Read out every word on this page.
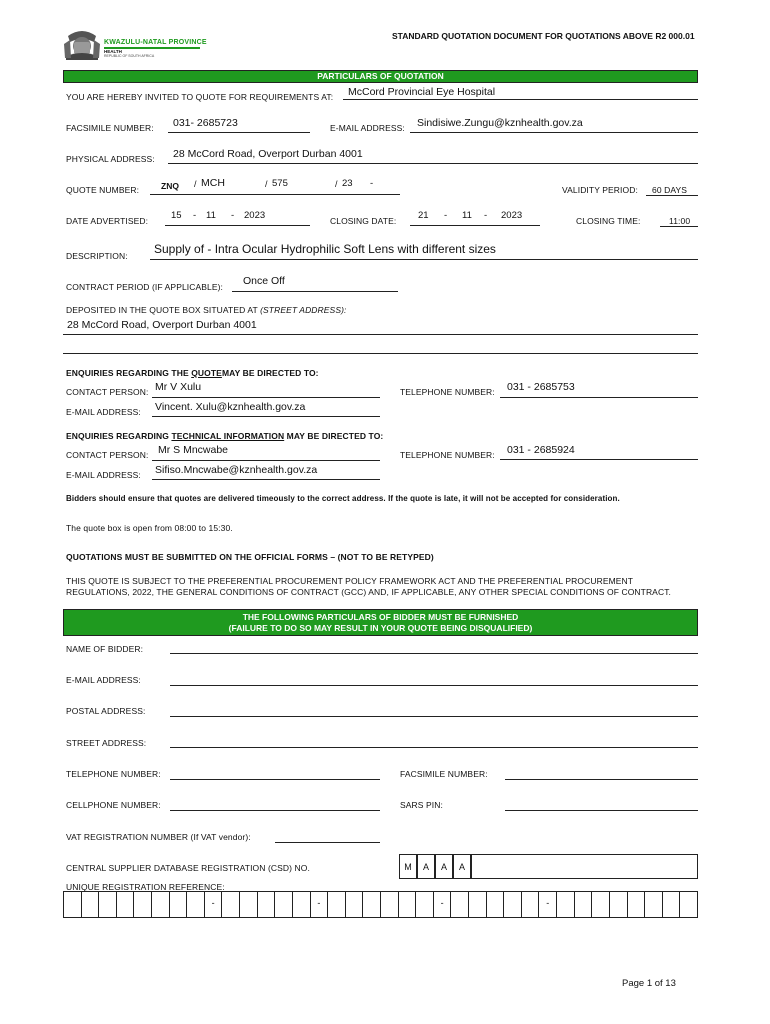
KWAZULU-NATAL PROVINCE
HEALTH
REPUBLIC OF SOUTH AFRICA
STANDARD QUOTATION DOCUMENT FOR QUOTATIONS ABOVE R2 000.01
PARTICULARS OF QUOTATION
YOU ARE HEREBY INVITED TO QUOTE FOR REQUIREMENTS AT: McCord Provincial Eye Hospital
FACSIMILE NUMBER: 031- 2685723	E-MAIL ADDRESS: Sindisiwe.Zungu@kznhealth.gov.za
PHYSICAL ADDRESS: 28 McCord Road, Overport Durban 4001
QUOTE NUMBER:	ZNQ / MCH	/ 575	/ 23 -
VALIDITY PERIOD: 60 DAYS
DATE ADVERTISED: 15 - 11 - 2023	CLOSING DATE: 21 - 11 - 2023	CLOSING TIME:	11:00
DESCRIPTION: Supply of - Intra Ocular Hydrophilic Soft Lens with different sizes
CONTRACT PERIOD (IF APPLICABLE): Once Off
DEPOSITED IN THE QUOTE BOX SITUATED AT (STREET ADDRESS):
28 McCord Road, Overport Durban 4001
ENQUIRIES REGARDING THE QUOTEMAY BE DIRECTED TO:
CONTACT PERSON: Mr V Xulu	TELEPHONE NUMBER: 031 - 2685753
E-MAIL ADDRESS: Vincent. Xulu@kznhealth.gov.za
ENQUIRIES REGARDING TECHNICAL INFORMATION MAY BE DIRECTED TO:
CONTACT PERSON: Mr S Mncwabe	TELEPHONE NUMBER: 031 - 2685924
E-MAIL ADDRESS: Sifiso.Mncwabe@kznhealth.gov.za
Bidders should ensure that quotes are delivered timeously to the correct address. If the quote is late, it will not be accepted for consideration.
The quote box is open from 08:00 to 15:30.
QUOTATIONS MUST BE SUBMITTED ON THE OFFICIAL FORMS – (NOT TO BE RETYPED)
THIS QUOTE IS SUBJECT TO THE PREFERENTIAL PROCUREMENT POLICY FRAMEWORK ACT AND THE PREFERENTIAL PROCUREMENT
REGULATIONS, 2022, THE GENERAL CONDITIONS OF CONTRACT (GCC) AND, IF APPLICABLE, ANY OTHER SPECIAL CONDITIONS OF CONTRACT.
THE FOLLOWING PARTICULARS OF BIDDER MUST BE FURNISHED
(FAILURE TO DO SO MAY RESULT IN YOUR QUOTE BEING DISQUALIFIED)
NAME OF BIDDER:
E-MAIL ADDRESS:
POSTAL ADDRESS:
STREET ADDRESS:
TELEPHONE NUMBER:	FACSIMILE NUMBER:
CELLPHONE NUMBER:	SARS PIN:
VAT REGISTRATION NUMBER (If VAT vendor):
CENTRAL SUPPLIER DATABASE REGISTRATION (CSD) NO.	M	A	A	A
UNIQUE REGISTRATION REFERENCE:
-	-	-	-
Page 1 of 13
